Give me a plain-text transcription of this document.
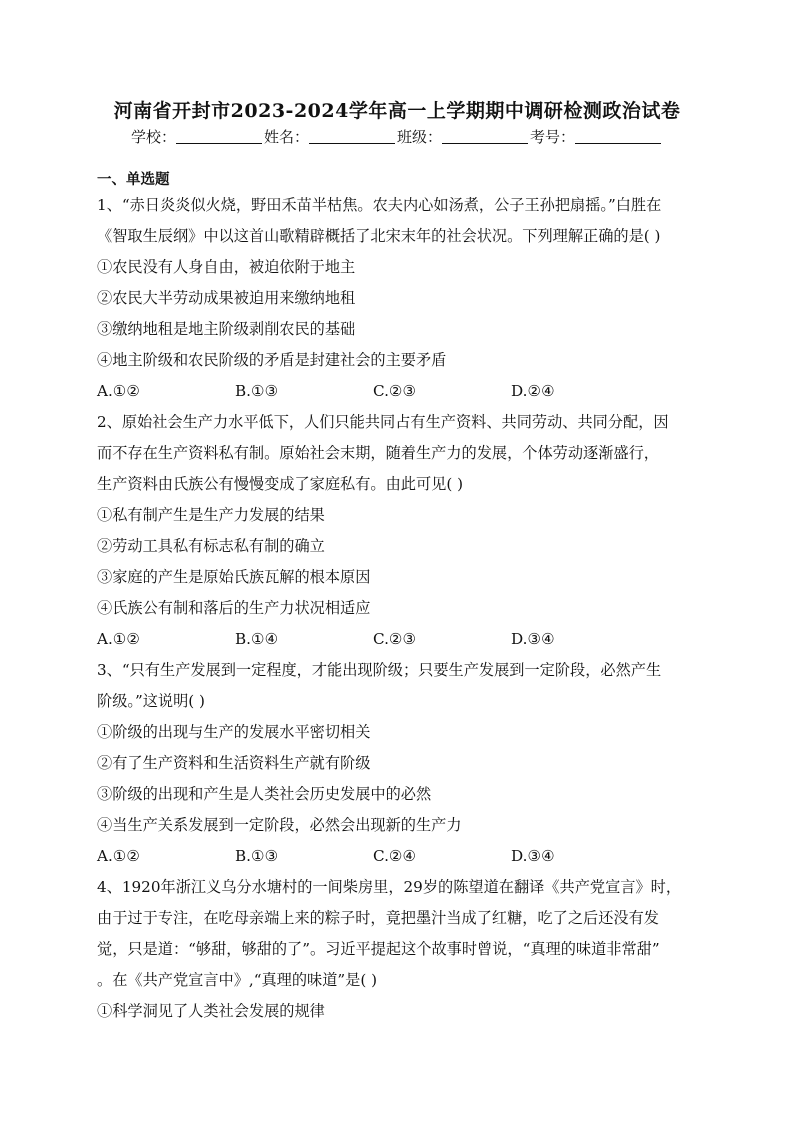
河南省开封市2023-2024学年高一上学期期中调研检测政治试卷
学校：	姓名：	班级：	考号：
一、单选题

1、“赤日炎炎似火烧，野田禾苗半枯焦。农夫内心如汤煮，公子王孙把扇摇。”白胜在

《智取生辰纲》中以这首山歌精辟概括了北宋末年的社会状况。下列理解正确的是( )

①农民没有人身自由，被迫依附于地主

②农民大半劳动成果被迫用来缴纳地租

③缴纳地租是地主阶级剥削农民的基础

④地主阶级和农民阶级的矛盾是封建社会的主要矛盾

A.①②	B.①③	C.②③	D.②④

2、原始社会生产力水平低下，人们只能共同占有生产资料、共同劳动、共同分配，因

而不存在生产资料私有制。原始社会末期，随着生产力的发展，个体劳动逐渐盛行，

生产资料由氏族公有慢慢变成了家庭私有。由此可见( )

①私有制产生是生产力发展的结果

②劳动工具私有标志私有制的确立

③家庭的产生是原始氏族瓦解的根本原因

④氏族公有制和落后的生产力状况相适应

A.①②	B.①④	C.②③	D.③④

3、“只有生产发展到一定程度，才能出现阶级；只要生产发展到一定阶段，必然产生

阶级。”这说明( )

①阶级的出现与生产的发展水平密切相关

②有了生产资料和生活资料生产就有阶级

③阶级的出现和产生是人类社会历史发展中的必然

④当生产关系发展到一定阶段，必然会出现新的生产力

A.①②	B.①③	C.②④	D.③④

4、1920年浙江义乌分水塘村的一间柴房里，29岁的陈望道在翻译《共产党宣言》时，

由于过于专注，在吃母亲端上来的粽子时，竟把墨汁当成了红糖，吃了之后还没有发

觉，只是道：“够甜，够甜的了”。习近平提起这个故事时曾说，“真理的味道非常甜”

。在《共产党宣言中》,“真理的味道”是( )

①科学洞见了人类社会发展的规律
